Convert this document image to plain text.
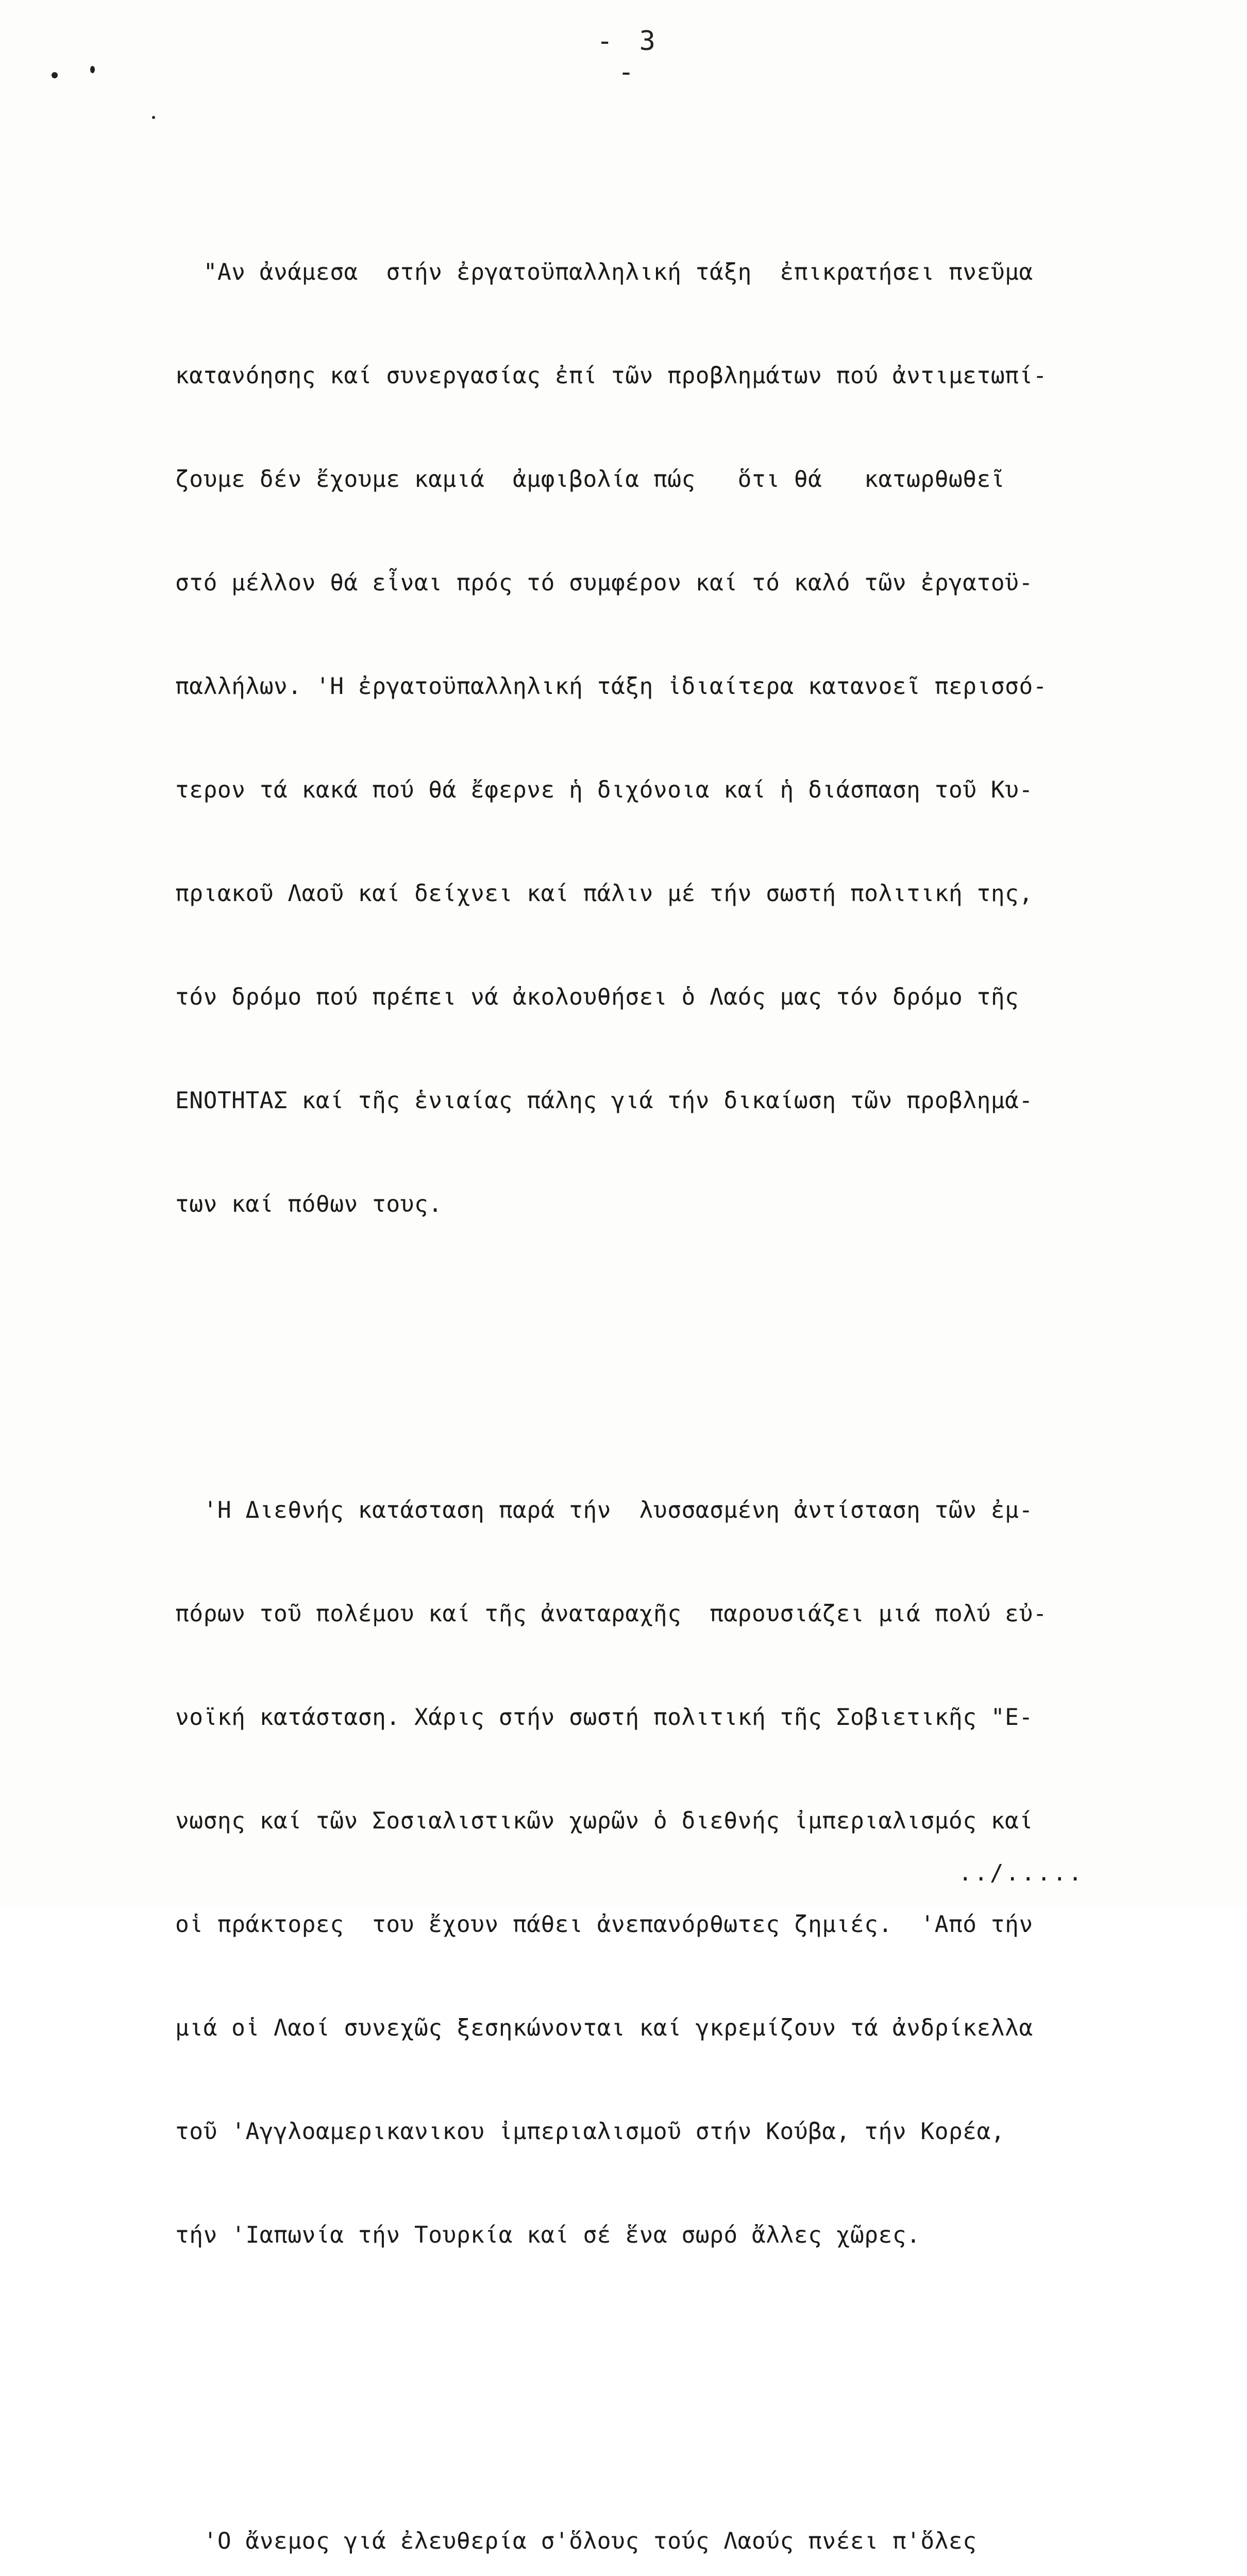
- 3 -

"Αν ἀνάμεσα  στήν ἐργατοϋπαλληλική τάξη  ἐπικρατήσει πνεῦμα

κατανόησης καί συνεργασίας ἐπί τῶν προβλημάτων πού ἀντιμετωπί-

ζουμε δέν ἔχουμε καμιά  ἀμφιβολία πώς   ὅτι θά   κατωρθωθεῖ

στό μέλλον θά εἶναι πρός τό συμφέρον καί τό καλό τῶν ἐργατοϋ-

παλλήλων. 'Η ἐργατοϋπαλληλική τάξη ἰδιαίτερα κατανοεῖ περισσό-

τερον τά κακά πού θά ἔφερνε ἡ διχόνοια καί ἡ διάσπαση τοῦ Κυ-

πριακοῦ Λαοῦ καί δείχνει καί πάλιν μέ τήν σωστή πολιτική της,

τόν δρόμο πού πρέπει νά ἀκολουθήσει ὁ Λαός μας τόν δρόμο τῆς

ΕΝΟΤΗΤΑΣ καί τῆς ἑνιαίας πάλης γιά τήν δικαίωση τῶν προβλημά-

των καί πόθων τους.

'Η Διεθνής κατάσταση παρά τήν  λυσσασμένη ἀντίσταση τῶν ἐμ-

πόρων τοῦ πολέμου καί τῆς ἀναταραχῆς  παρουσιάζει μιά πολύ εὐ-

νοϊκή κατάσταση. Χάρις στήν σωστή πολιτική τῆς Σοβιετικῆς "Ε-

νωσης καί τῶν Σοσιαλιστικῶν χωρῶν ὁ διεθνής ἰμπεριαλισμός καί

οἱ πράκτορες  του ἔχουν πάθει ἀνεπανόρθωτες ζημιές.  'Από τήν

μιά οἱ Λαοί συνεχῶς ξεσηκώνονται καί γκρεμίζουν τά ἀνδρίκελλα

τοῦ 'Αγγλοαμερικανικου ἰμπεριαλισμοῦ στήν Κούβα, τήν Κορέα,

τήν 'Ιαπωνία τήν Τουρκία καί σέ ἕνα σωρό ἄλλες χῶρες.

'Ο ἄνεμος γιά ἐλευθερία σ'ὅλους τούς Λαούς πνέει π'ὅλες

../.....
